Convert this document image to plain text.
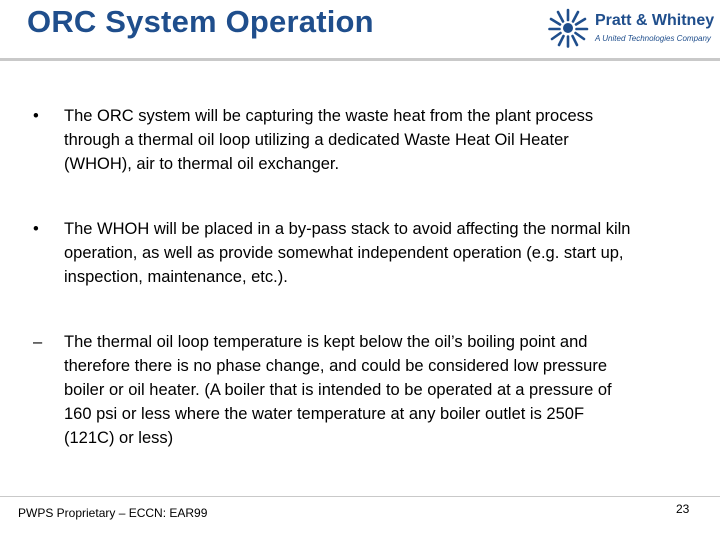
ORC System Operation	Pratt & Whitney
A United Technologies Company
•	The ORC system will be capturing the waste heat from the plant process
through a thermal oil loop utilizing a dedicated Waste Heat Oil Heater
(WHOH), air to thermal oil exchanger.
•	The WHOH will be placed in a by-pass stack to avoid affecting the normal kiln
operation, as well as provide somewhat independent operation (e.g. start up,
inspection, maintenance, etc.).
–	The thermal oil loop temperature is kept below the oil’s boiling point and
therefore there is no phase change, and could be considered low pressure
boiler or oil heater. (A boiler that is intended to be operated at a pressure of
160 psi or less where the water temperature at any boiler outlet is 250F
(121C) or less)
PWPS Proprietary – ECCN: EAR99	23
